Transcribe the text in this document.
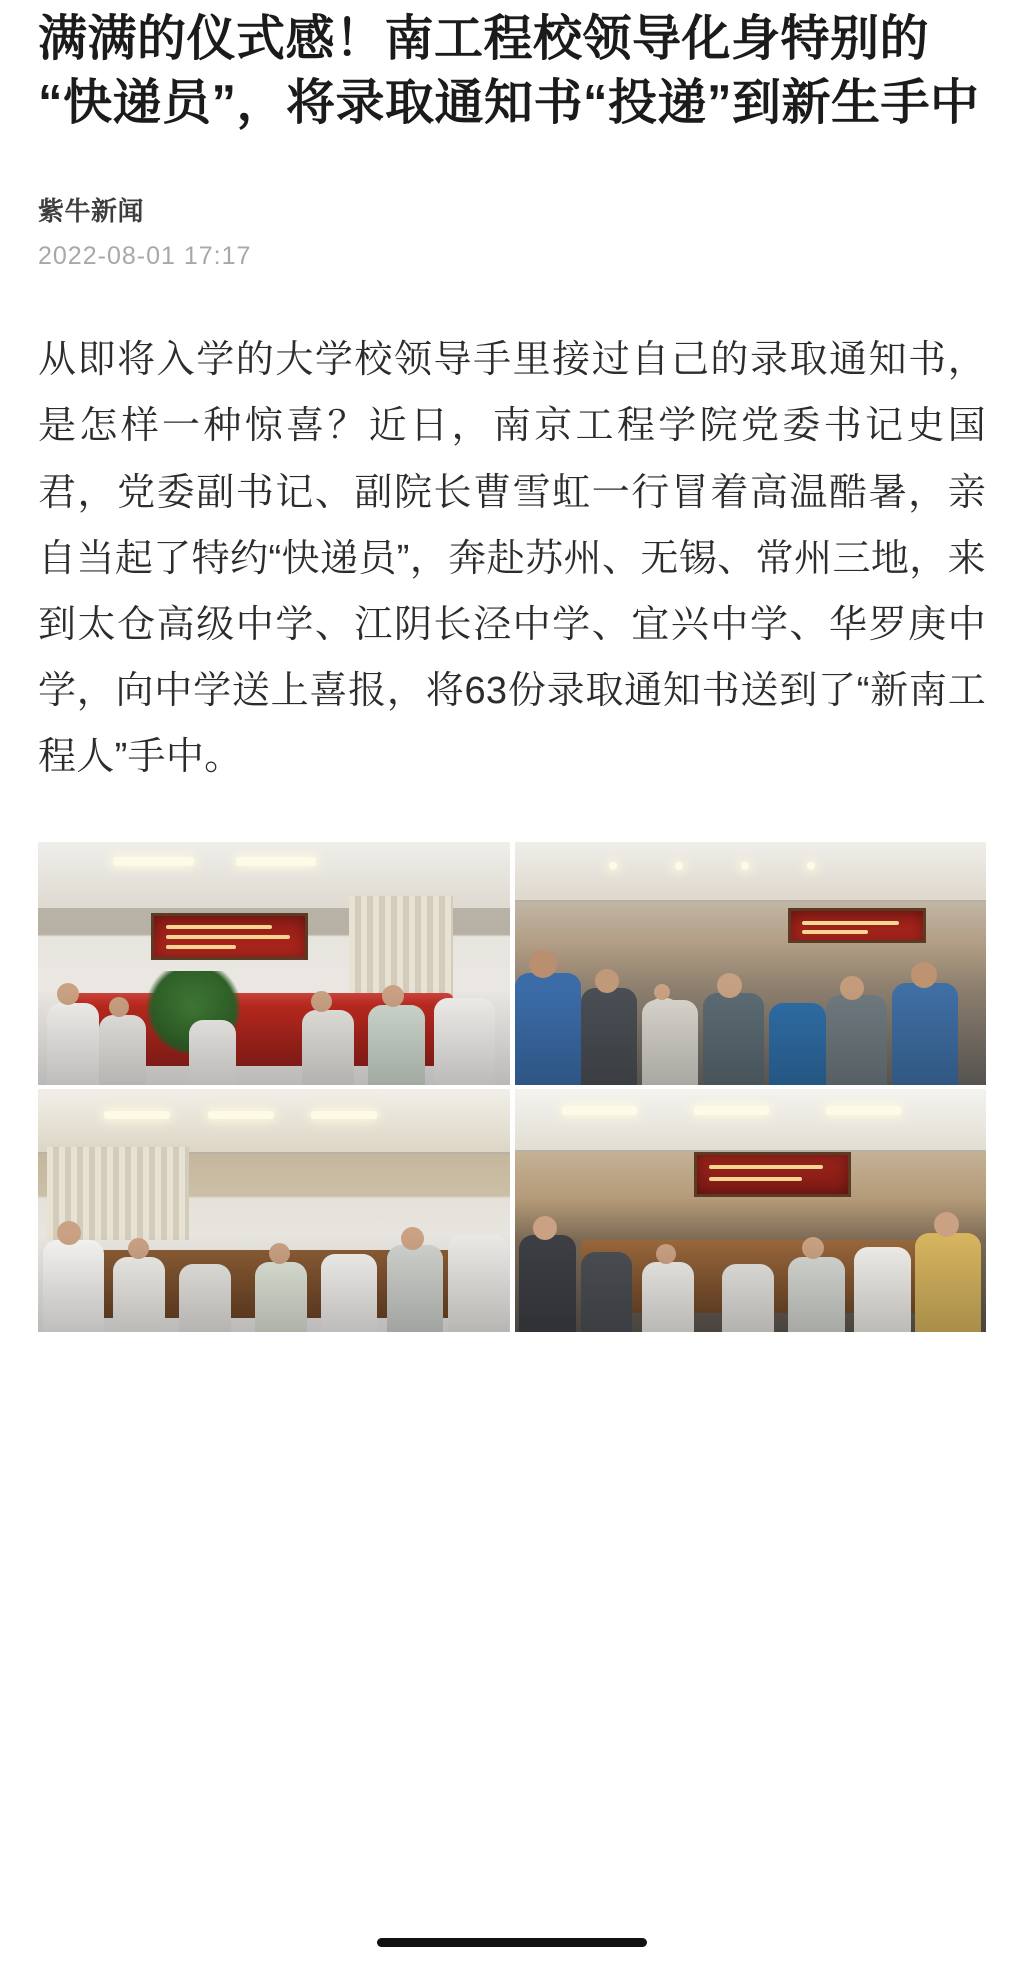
满满的仪式感！南工程校领导化身特别的“快递员”，将录取通知书“投递”到新生手中
紫牛新闻
2022-08-01 17:17

从即将入学的大学校领导手里接过自己的录取通知书，是怎样一种惊喜？近日，南京工程学院党委书记史国君，党委副书记、副院长曹雪虹一行冒着高温酷暑，亲自当起了特约“快递员”，奔赴苏州、无锡、常州三地，来到太仓高级中学、江阴长泾中学、宜兴中学、华罗庚中学，向中学送上喜报，将63份录取通知书送到了“新南工程人”手中。
